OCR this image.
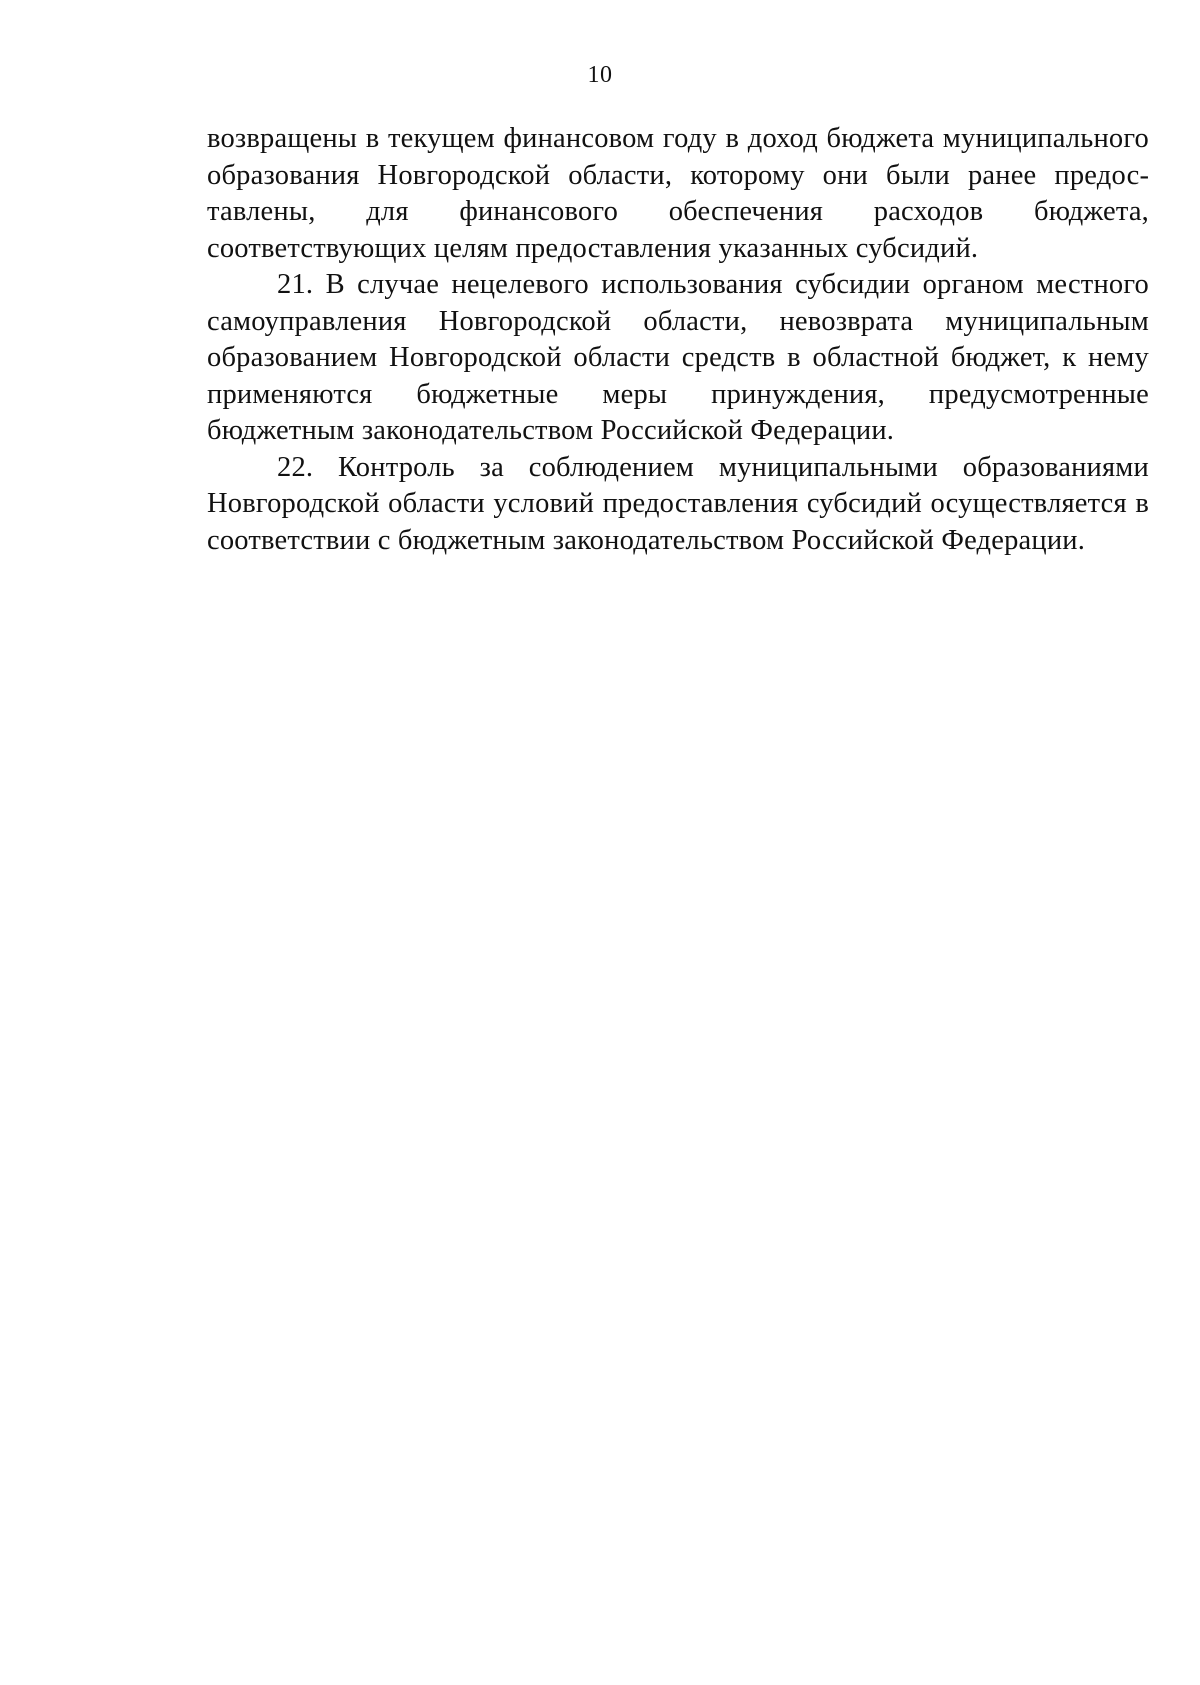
10

возвращены в текущем финансовом году в доход бюджета муниципального образования Новгородской области, которому они были ранее предоставлены, для финансового обеспечения расходов бюджета, соответствующих целям предоставления указанных субсидий.

21. В случае нецелевого использования субсидии органом местного самоуправления Новгородской области, невозврата муниципальным образованием Новгородской области средств в областной бюджет, к нему применяются бюджетные меры принуждения, предусмотренные бюджетным законодательством Российской Федерации.

22. Контроль за соблюдением муниципальными образованиями Новгородской области условий предоставления субсидий осуществляется в соответствии с бюджетным законодательством Российской Федерации.
